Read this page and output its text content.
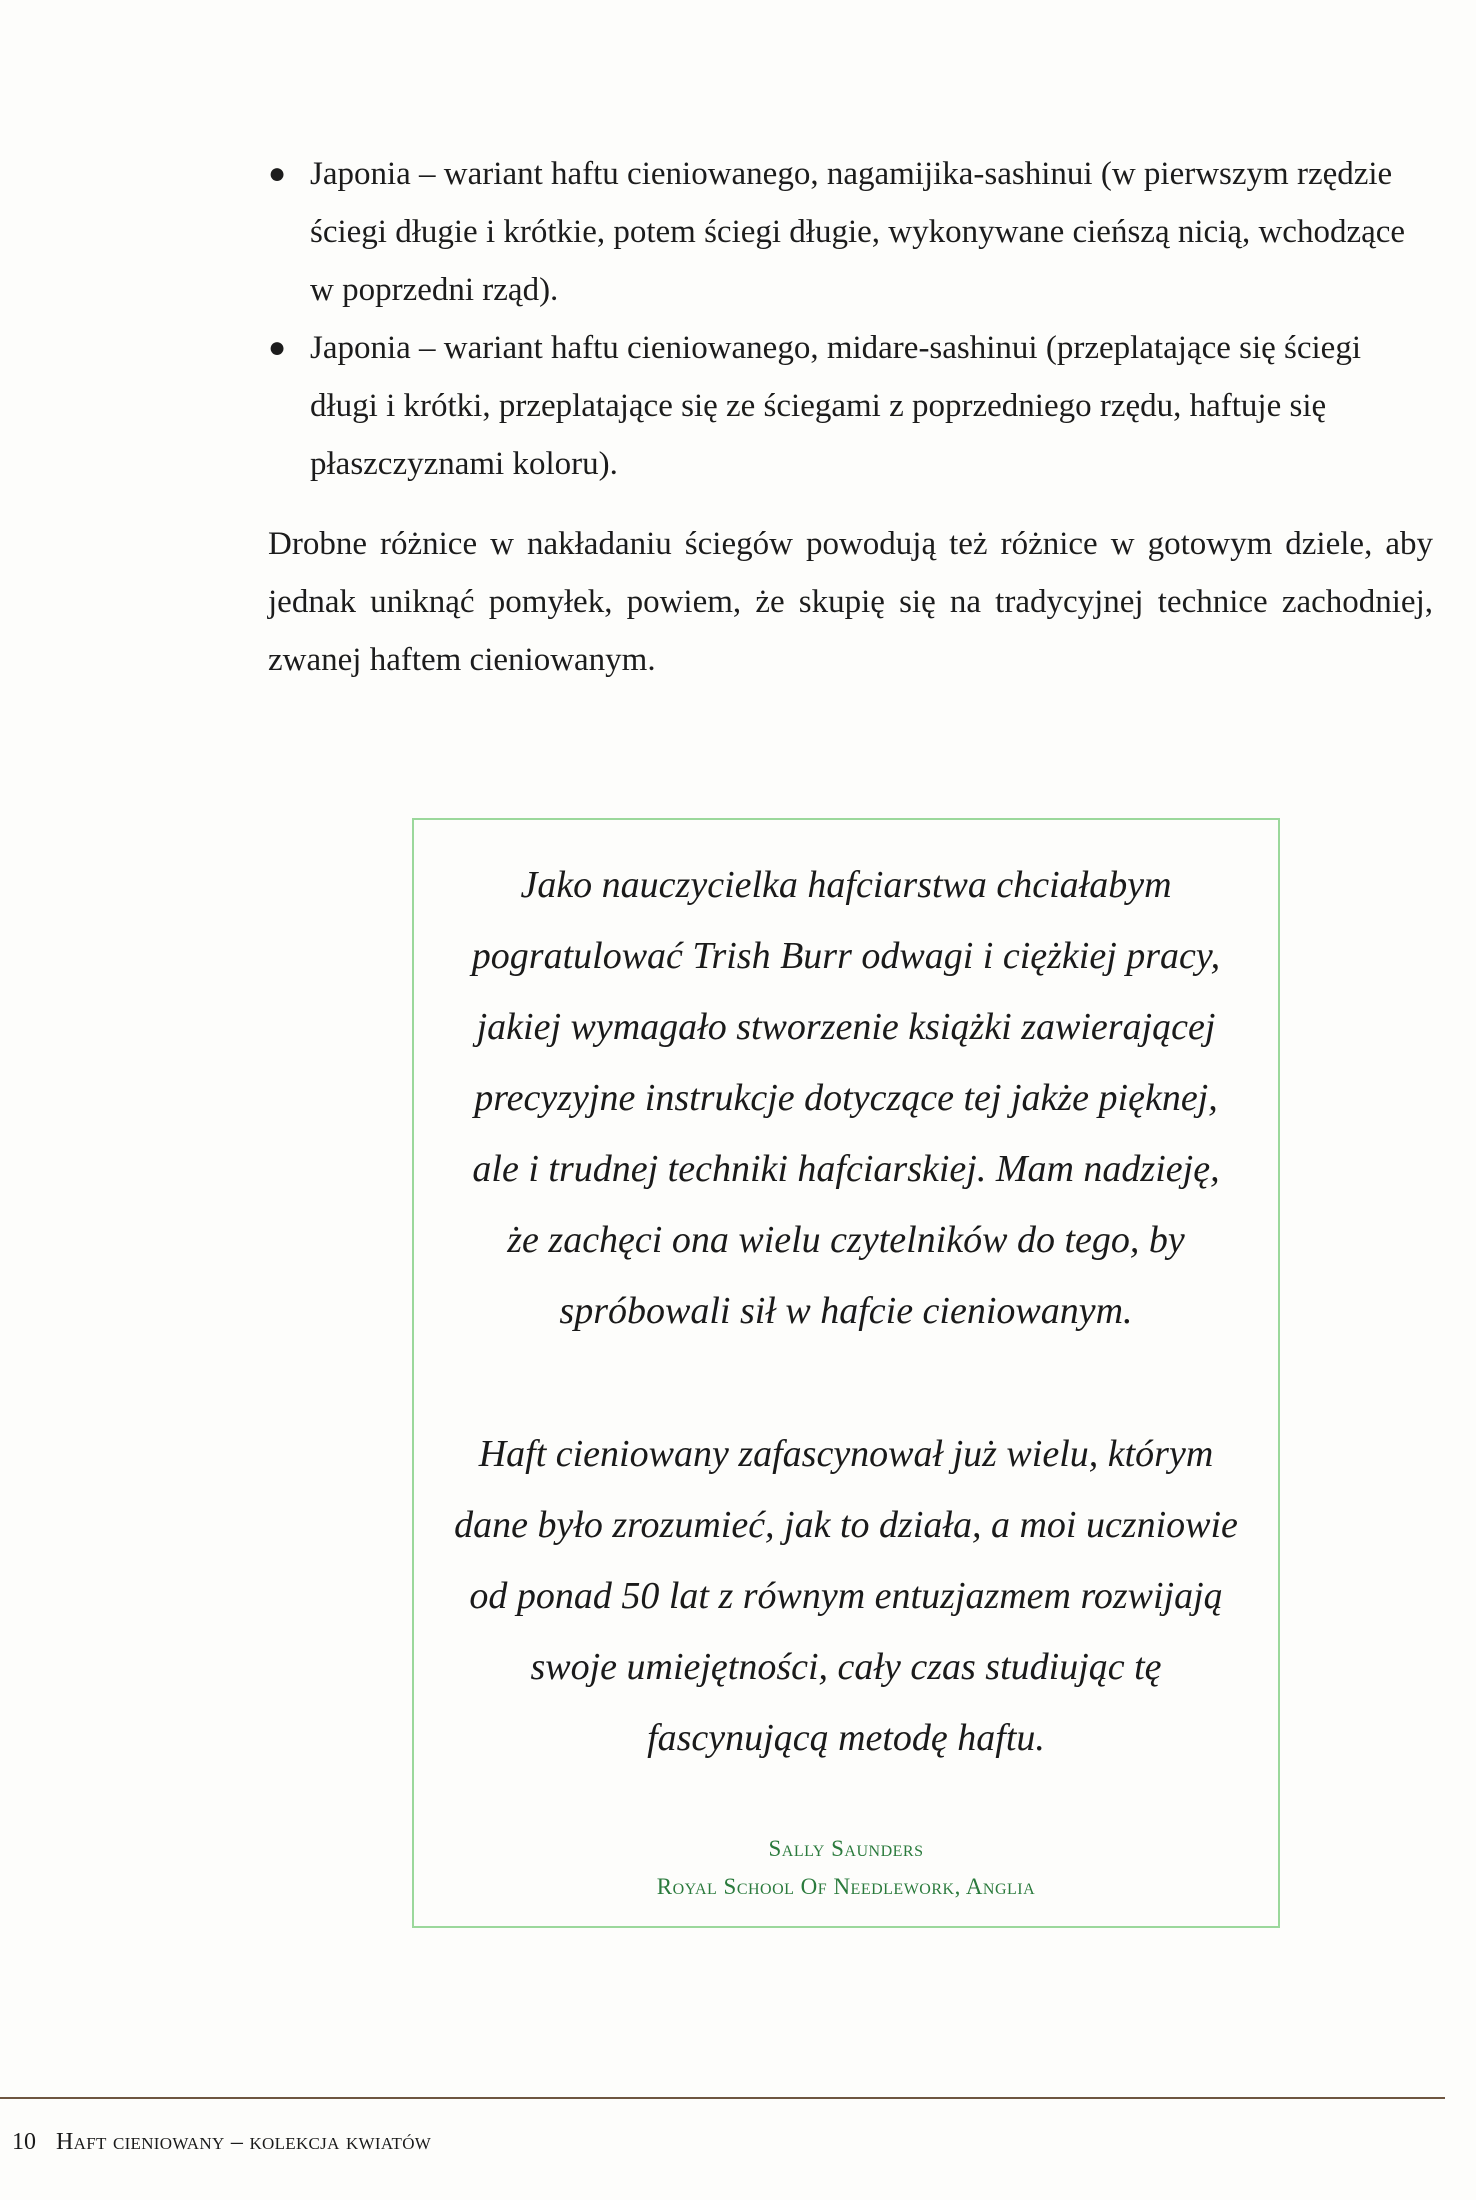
● Japonia – wariant haftu cieniowanego, nagamijika-sashinui (w pierwszym rzędzie ściegi długie i krótkie, potem ściegi długie, wykonywane cieńszą nicią, wchodzące w poprzedni rząd).
● Japonia – wariant haftu cieniowanego, midare-sashinui (przeplatające się ściegi długi i krótki, przeplatające się ze ściegami z poprzedniego rzędu, haftuje się płaszczyznami koloru).

Drobne różnice w nakładaniu ściegów powodują też różnice w gotowym dziele, aby jednak uniknąć pomyłek, powiem, że skupię się na tradycyjnej technice zachodniej, zwanej haftem cieniowanym.

Jako nauczycielka hafciarstwa chciałabym pogratulować Trish Burr odwagi i ciężkiej pracy, jakiej wymagało stworzenie książki zawierającej precyzyjne instrukcje dotyczące tej jakże pięknej, ale i trudnej techniki hafciarskiej. Mam nadzieję, że zachęci ona wielu czytelników do tego, by spróbowali sił w hafcie cieniowanym.

Haft cieniowany zafascynował już wielu, którym dane było zrozumieć, jak to działa, a moi uczniowie od ponad 50 lat z równym entuzjazmem rozwijają swoje umiejętności, cały czas studiując tę fascynującą metodę haftu.

Sally Saunders
Royal School Of Needlework, Anglia
10 Haft cieniowany – kolekcja kwiatów
